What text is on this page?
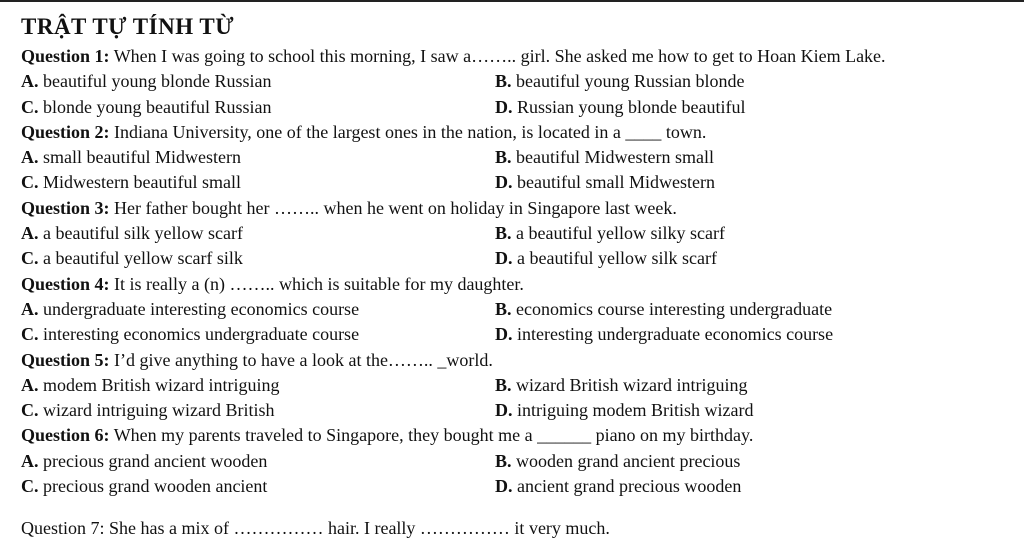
TRẬT TỰ TÍNH TỪ
Question 1: When I was going to school this morning, I saw a…….. girl. She asked me how to get to Hoan Kiem Lake.
A. beautiful young blonde Russian	B. beautiful young Russian blonde
C. blonde young beautiful Russian	D. Russian young blonde beautiful
Question 2: Indiana University, one of the largest ones in the nation, is located in a ____ town.
A. small beautiful Midwestern	B. beautiful Midwestern small
C. Midwestern beautiful small	D. beautiful small Midwestern
Question 3: Her father bought her …….. when he went on holiday in Singapore last week.
A. a beautiful silk yellow scarf	B. a beautiful yellow silky scarf
C. a beautiful yellow scarf silk	D. a beautiful yellow silk scarf
Question 4: It is really a (n) …….. which is suitable for my daughter.
A. undergraduate interesting economics course	B. economics course interesting undergraduate
C. interesting economics undergraduate course	D. interesting undergraduate economics course
Question 5: I’d give anything to have a look at the…….. _world.
A. modem British wizard intriguing	B. wizard British wizard intriguing
C. wizard intriguing wizard British	D. intriguing modem British wizard
Question 6: When my parents traveled to Singapore, they bought me a ______ piano on my birthday.
A. precious grand ancient wooden	B. wooden grand ancient precious
C. precious grand wooden ancient	D. ancient grand precious wooden
Question 7: She has a mix of …………… hair. I really …………… it very much.
